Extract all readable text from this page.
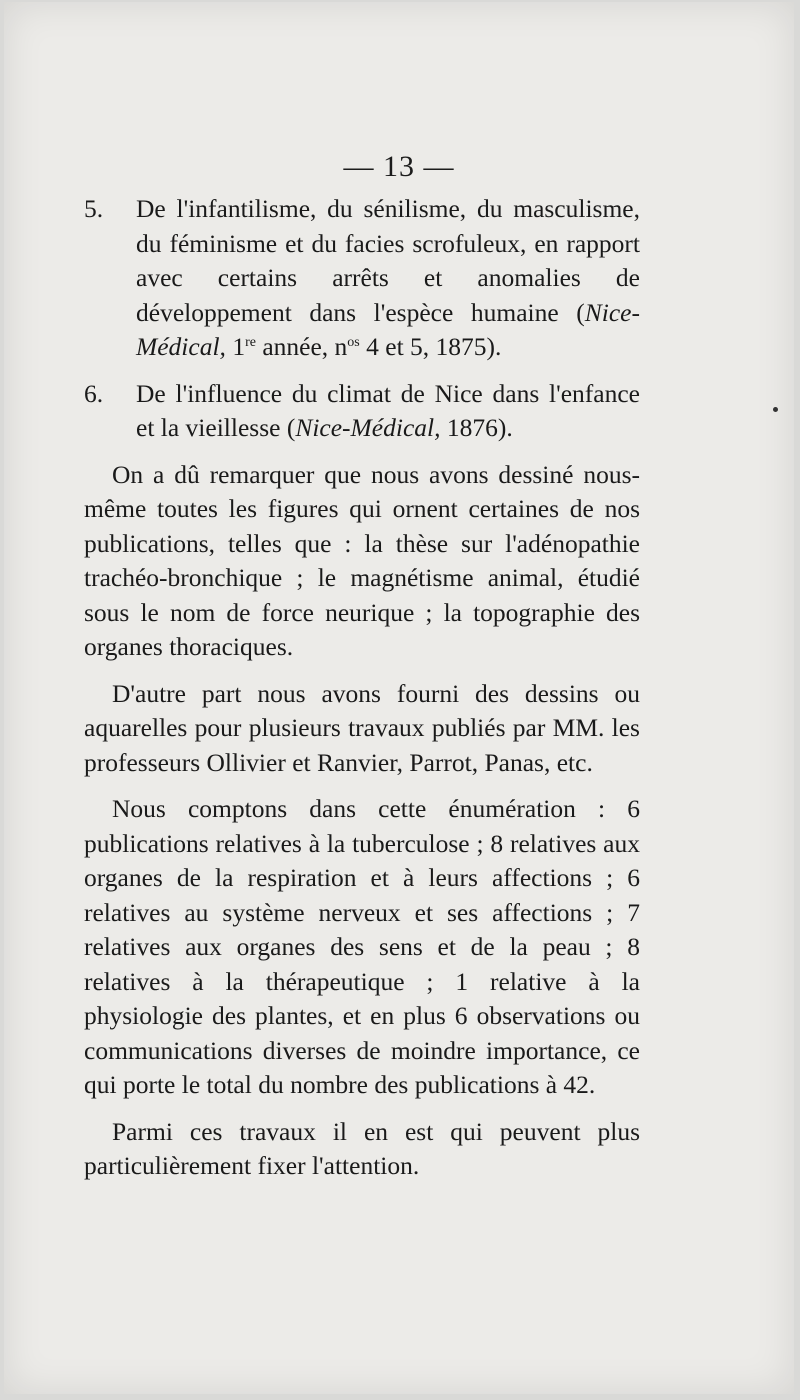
— 13 —
5. De l'infantilisme, du sénilisme, du masculisme, du féminisme et du facies scrofuleux, en rapport avec certains arrêts et anomalies de développement dans l'espèce humaine (Nice-Médical, 1re année, $n^{os}$ 4 et 5, 1875).

6. De l'influence du climat de Nice dans l'enfance et la vieillesse (Nice-Médical, 1876).

On a dû remarquer que nous avons dessiné nous-même toutes les figures qui ornent certaines de nos publications, telles que : la thèse sur l'adénopathie trachéo-bronchique ; le magnétisme animal, étudié sous le nom de force neurique ; la topographie des organes thoraciques.

D'autre part nous avons fourni des dessins ou aquarelles pour plusieurs travaux publiés par MM. les professeurs Ollivier et Ranvier, Parrot, Panas, etc.

Nous comptons dans cette énumération : 6 publications relatives à la tuberculose ; 8 relatives aux organes de la respiration et à leurs affections ; 6 relatives au système nerveux et ses affections ; 7 relatives aux organes des sens et de la peau ; 8 relatives à la thérapeutique ; 1 relative à la physiologie des plantes, et en plus 6 observations ou communications diverses de moindre importance, ce qui porte le total du nombre des publications à 42.

Parmi ces travaux il en est qui peuvent plus particulièrement fixer l'attention.
